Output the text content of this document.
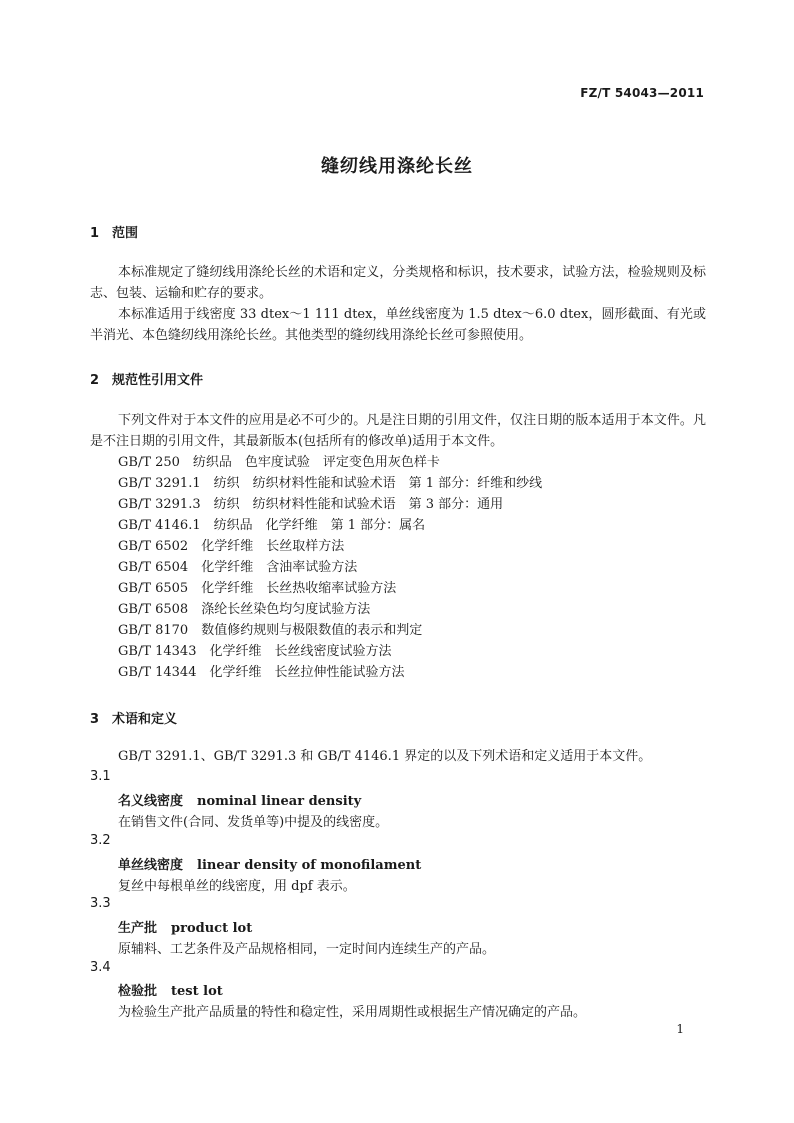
FZ/T 54043—2011
缝纫线用涤纶长丝
1 范围
本标准规定了缝纫线用涤纶长丝的术语和定义，分类规格和标识，技术要求，试验方法，检验规则及标志、包装、运输和贮存的要求。
本标准适用于线密度 33 dtex～1 111 dtex，单丝线密度为 1.5 dtex～6.0 dtex，圆形截面、有光或半消光、本色缝纫线用涤纶长丝。其他类型的缝纫线用涤纶长丝可参照使用。
2 规范性引用文件
下列文件对于本文件的应用是必不可少的。凡是注日期的引用文件，仅注日期的版本适用于本文件。凡是不注日期的引用文件，其最新版本(包括所有的修改单)适用于本文件。
GB/T 250　纺织品　色牢度试验　评定变色用灰色样卡
GB/T 3291.1　纺织　纺织材料性能和试验术语　第 1 部分：纤维和纱线
GB/T 3291.3　纺织　纺织材料性能和试验术语　第 3 部分：通用
GB/T 4146.1　纺织品　化学纤维　第 1 部分：属名
GB/T 6502　化学纤维　长丝取样方法
GB/T 6504　化学纤维　含油率试验方法
GB/T 6505　化学纤维　长丝热收缩率试验方法
GB/T 6508　涤纶长丝染色均匀度试验方法
GB/T 8170　数值修约规则与极限数值的表示和判定
GB/T 14343　化学纤维　长丝线密度试验方法
GB/T 14344　化学纤维　长丝拉伸性能试验方法
3 术语和定义
GB/T 3291.1、GB/T 3291.3 和 GB/T 4146.1 界定的以及下列术语和定义适用于本文件。
3.1
名义线密度 nominal linear density
在销售文件(合同、发货单等)中提及的线密度。
3.2
单丝线密度 linear density of monofilament
复丝中每根单丝的线密度，用 dpf 表示。
3.3
生产批 product lot
原辅料、工艺条件及产品规格相同，一定时间内连续生产的产品。
3.4
检验批 test lot
为检验生产批产品质量的特性和稳定性，采用周期性或根据生产情况确定的产品。
1
